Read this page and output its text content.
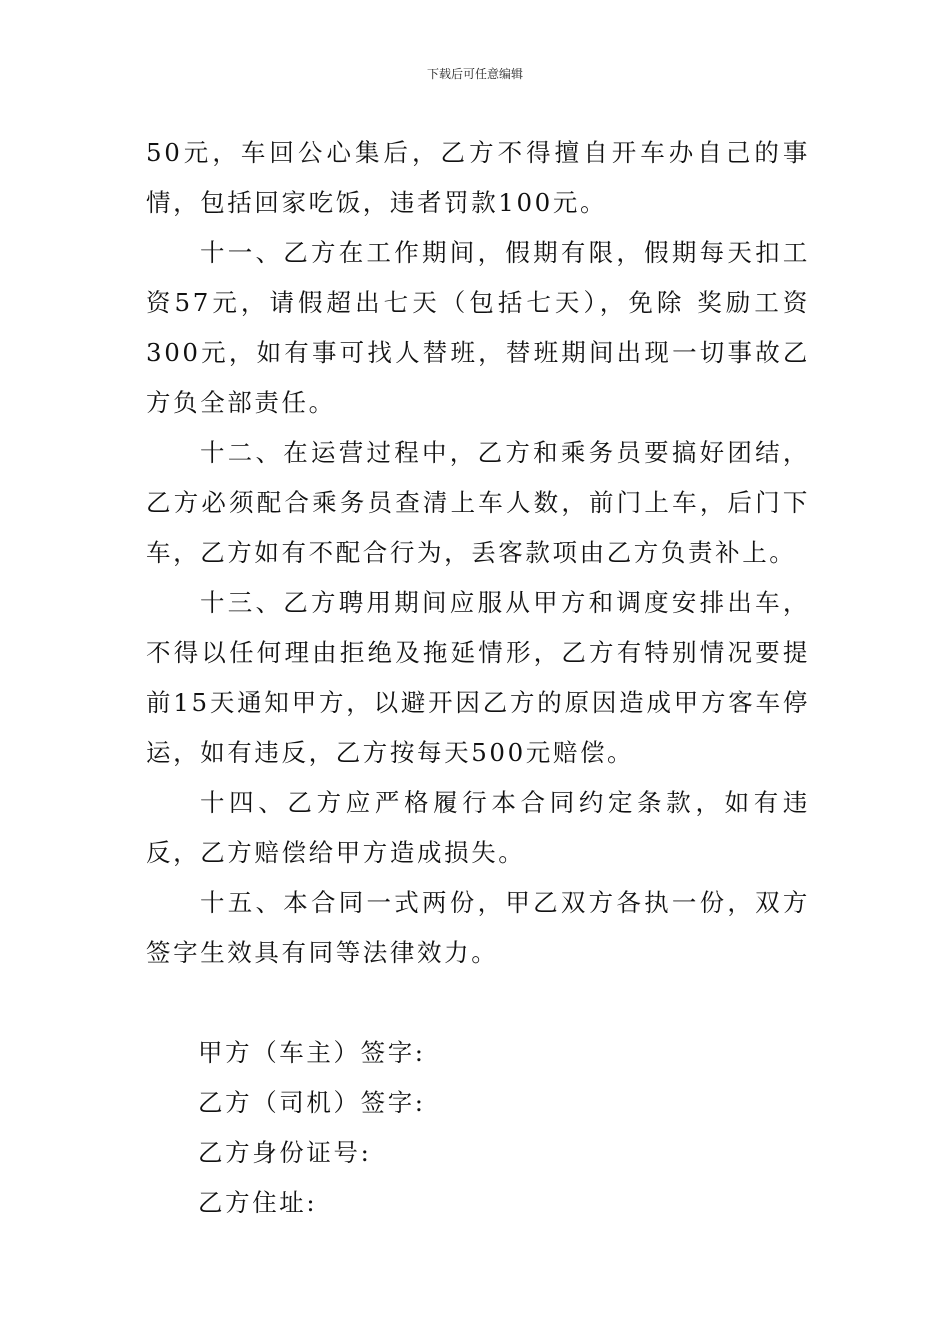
下载后可任意编辑

50元，车回公心集后，乙方不得擅自开车办自己的事情，包括回家吃饭，违者罚款100元。

十一、乙方在工作期间，假期有限，假期每天扣工资57元，请假超出七天（包括七天），免除 奖励工资300元，如有事可找人替班，替班期间出现一切事故乙方负全部责任。

十二、在运营过程中，乙方和乘务员要搞好团结，乙方必须配合乘务员查清上车人数，前门上车，后门下车，乙方如有不配合行为，丢客款项由乙方负责补上。

十三、乙方聘用期间应服从甲方和调度安排出车，不得以任何理由拒绝及拖延情形，乙方有特别情况要提前15天通知甲方，以避开因乙方的原因造成甲方客车停运，如有违反，乙方按每天500元赔偿。

十四、乙方应严格履行本合同约定条款，如有违反，乙方赔偿给甲方造成损失。

十五、本合同一式两份，甲乙双方各执一份，双方签字生效具有同等法律效力。

甲方（车主）签字:

乙方（司机）签字:

乙方身份证号:

乙方住址:
